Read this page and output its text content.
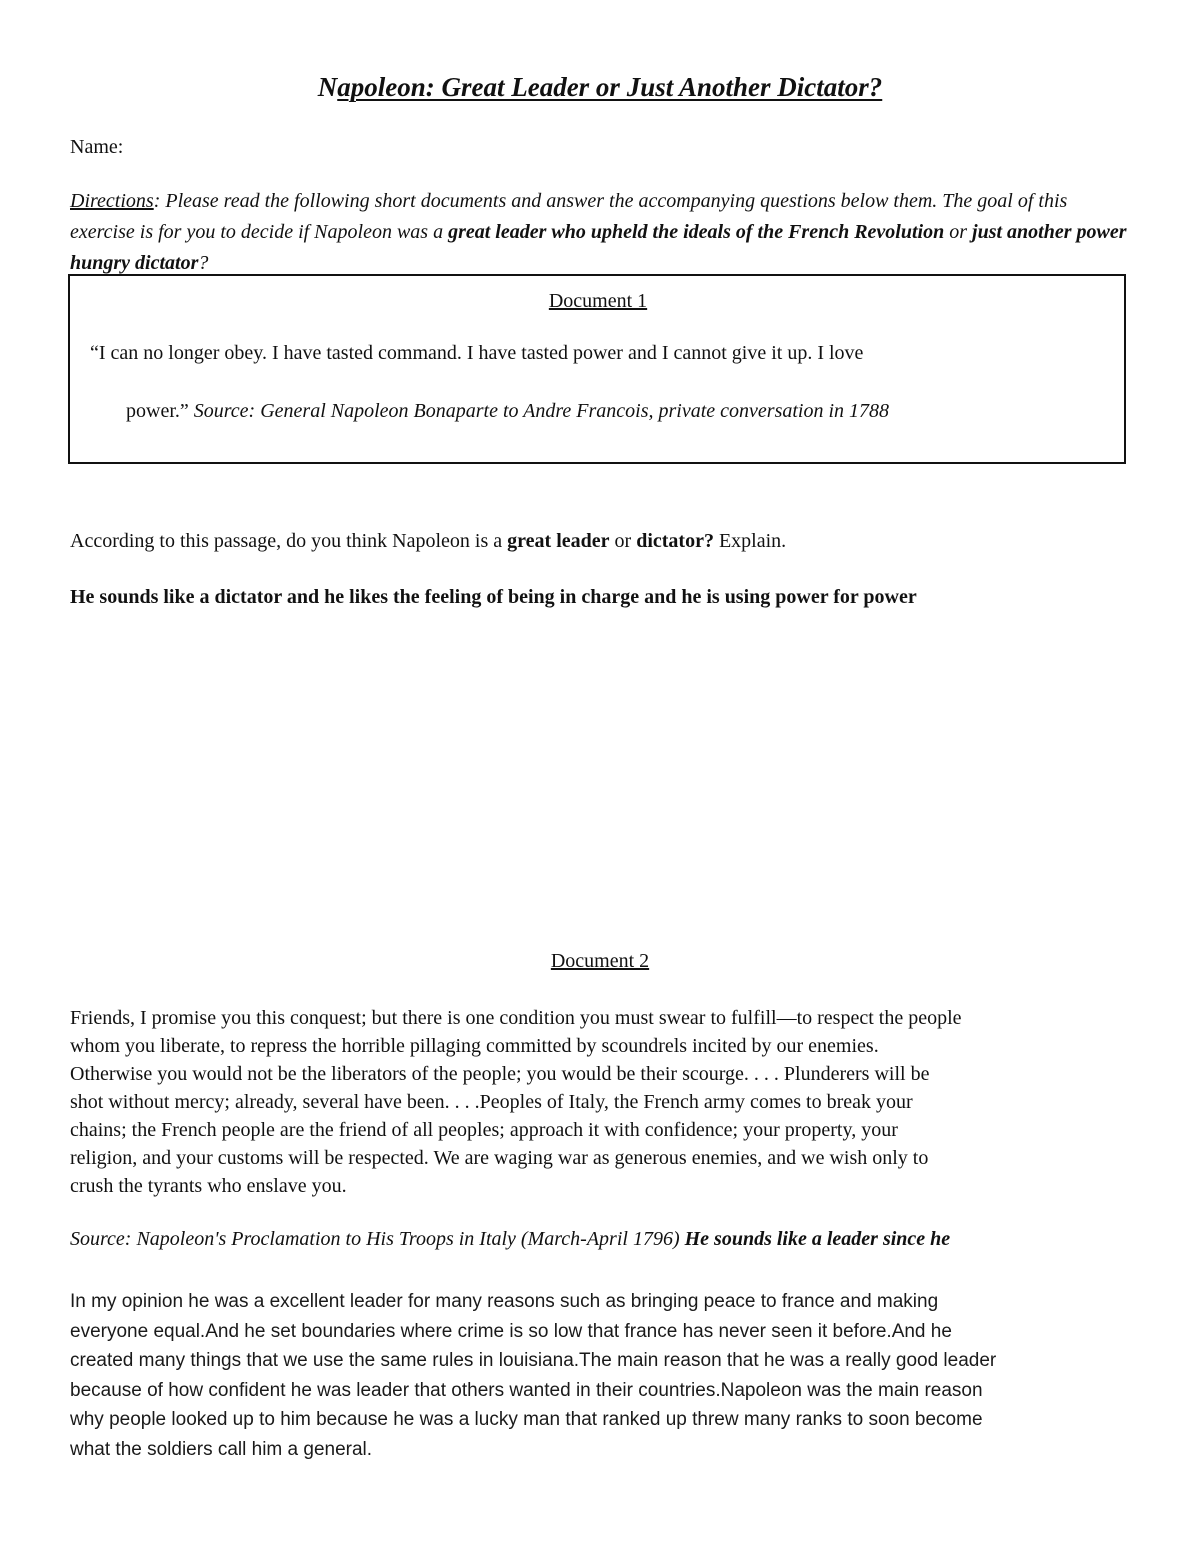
Napoleon: Great Leader or Just Another Dictator?

Name:

Directions: Please read the following short documents and answer the accompanying questions below them. The goal of this exercise is for you to decide if Napoleon was a great leader who upheld the ideals of the French Revolution or just another power hungry dictator?

Document 1

“I can no longer obey. I have tasted command. I have tasted power and I cannot give it up. I love

power.” Source: General Napoleon Bonaparte to Andre Francois, private conversation in 1788

According to this passage, do you think Napoleon is a great leader or dictator? Explain.

He sounds like a dictator and he likes the feeling of being in charge and he is using power for power

Document 2

Friends, I promise you this conquest; but there is one condition you must swear to fulfill—to respect the people
whom you liberate, to repress the horrible pillaging committed by scoundrels incited by our enemies.
Otherwise you would not be the liberators of the people; you would be their scourge. . . . Plunderers will be
shot without mercy; already, several have been. . . .Peoples of Italy, the French army comes to break your
chains; the French people are the friend of all peoples; approach it with confidence; your property, your
religion, and your customs will be respected. We are waging war as generous enemies, and we wish only to
crush the tyrants who enslave you.

Source: Napoleon's Proclamation to His Troops in Italy (March-April 1796) He sounds like a leader since he

In my opinion he was a excellent leader for many reasons such as bringing peace to france and making
everyone equal.And he set boundaries where crime is so low that france has never seen it before.And he
created many things that we use the same rules in louisiana.The main reason that he was a really good leader
because of how confident he was leader that others wanted in their countries.Napoleon was the main reason
why people looked up to him because he was a lucky man that ranked up threw many ranks to soon become
what the soldiers call him a general.
